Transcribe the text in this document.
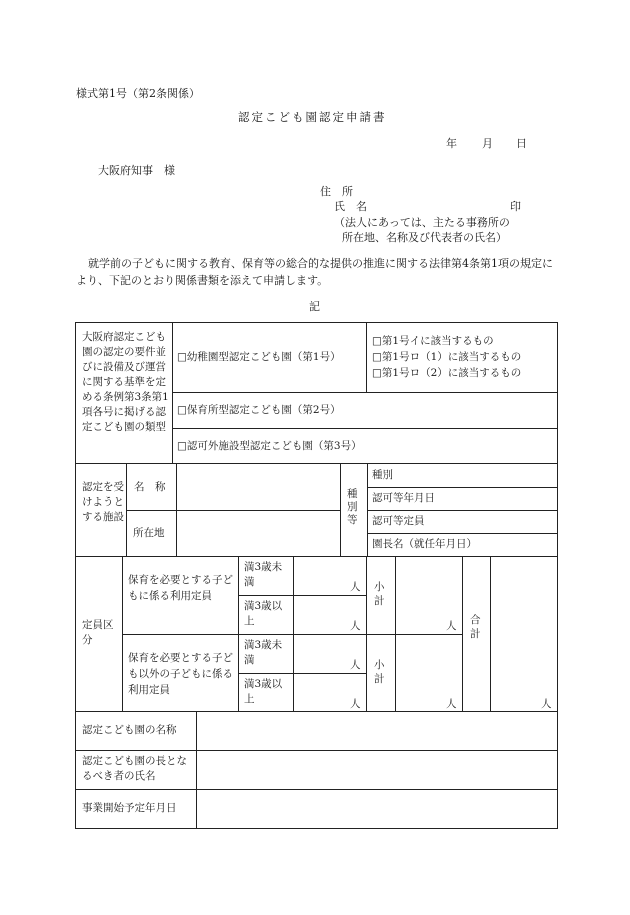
様式第1号（第2条関係）
認定こども園認定申請書
年 月 日
大阪府知事　様
住　所
氏　名	印
（法人にあっては、主たる事務所の
所在地、名称及び代表者の氏名）
就学前の子どもに関する教育、保育等の総合的な提供の推進に関する法律第4条第1項の規定により、下記のとおり関係書類を添えて申請します。
記
大阪府認定こども園の認定の要件並びに設備及び運営に関する基準を定める条例第3条第1項各号に掲げる認定こども園の類型
□幼稚園型認定こども園（第1号）
□第1号イに該当するもの
□第1号ロ（1）に該当するもの
□第1号ロ（2）に該当するもの
□保育所型認定こども園（第2号）
□認可外施設型認定こども園（第3号）
認定を受けようとする施設
名　称
所在地
種別等
種別
認可等年月日
認可等定員
園長名（就任年月日）
定員区分
保育を必要とする子どもに係る利用定員
保育を必要とする子ども以外の子どもに係る利用定員
満3歳未満
満3歳以上
満3歳未満
満3歳以上
人
人
人
人
小計
小計
人
人
合計
人
認定こども園の名称
認定こども園の長となるべき者の氏名
事業開始予定年月日
